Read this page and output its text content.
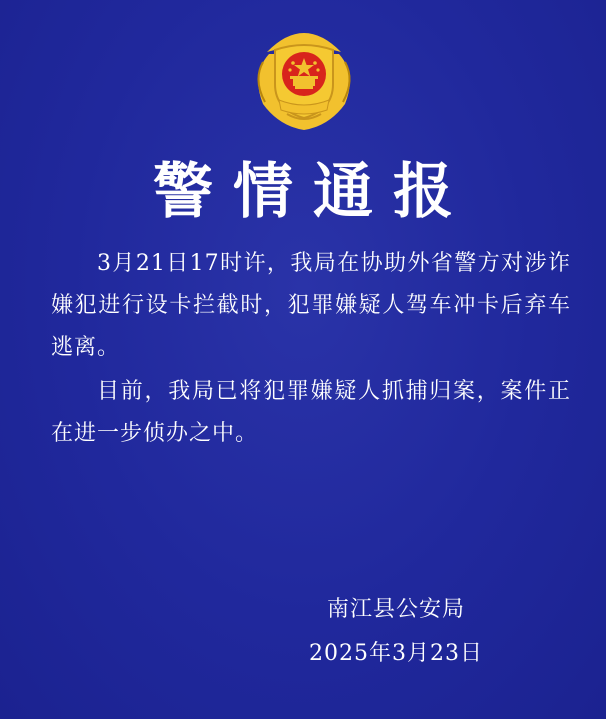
警情通报

3月21日17时许，我局在协助外省警方对涉诈嫌犯进行设卡拦截时，犯罪嫌疑人驾车冲卡后弃车逃离。

目前，我局已将犯罪嫌疑人抓捕归案，案件正在进一步侦办之中。

南江县公安局
2025年3月23日
